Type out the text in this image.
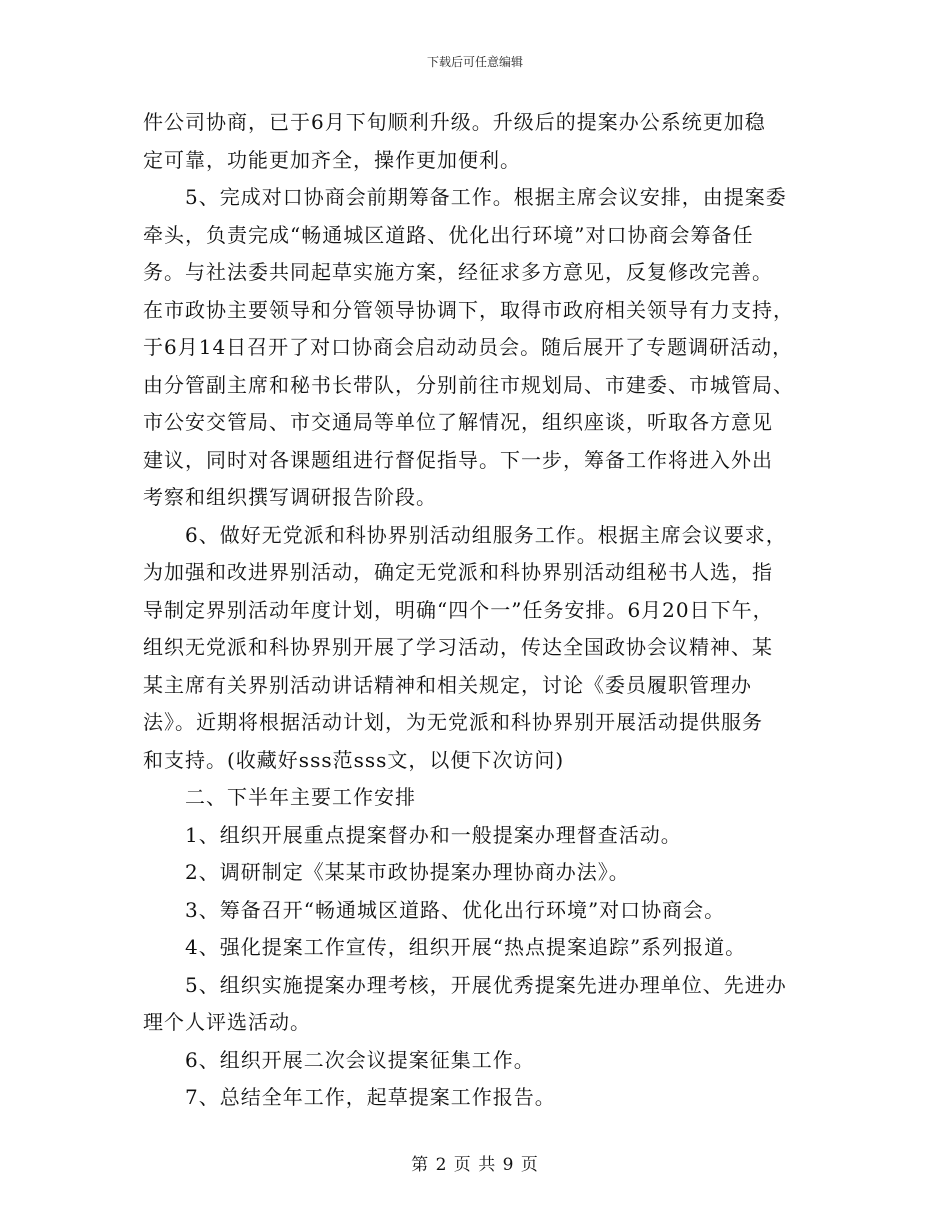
下载后可任意编辑

件公司协商，已于6月下旬顺利升级。升级后的提案办公系统更加稳

定可靠，功能更加齐全，操作更加便利。

5、完成对口协商会前期筹备工作。根据主席会议安排，由提案委

牵头，负责完成“畅通城区道路、优化出行环境”对口协商会筹备任

务。与社法委共同起草实施方案，经征求多方意见，反复修改完善。

在市政协主要领导和分管领导协调下，取得市政府相关领导有力支持，

于6月14日召开了对口协商会启动动员会。随后展开了专题调研活动，

由分管副主席和秘书长带队，分别前往市规划局、市建委、市城管局、

市公安交管局、市交通局等单位了解情况，组织座谈，听取各方意见

建议，同时对各课题组进行督促指导。下一步，筹备工作将进入外出

考察和组织撰写调研报告阶段。

6、做好无党派和科协界别活动组服务工作。根据主席会议要求，

为加强和改进界别活动，确定无党派和科协界别活动组秘书人选，指

导制定界别活动年度计划，明确“四个一”任务安排。6月20日下午，

组织无党派和科协界别开展了学习活动，传达全国政协会议精神、某

某主席有关界别活动讲话精神和相关规定，讨论《委员履职管理办

法》。近期将根据活动计划，为无党派和科协界别开展活动提供服务

和支持。(收藏好sss范sss文，以便下次访问)

二、下半年主要工作安排

1、组织开展重点提案督办和一般提案办理督查活动。

2、调研制定《某某市政协提案办理协商办法》。

3、筹备召开“畅通城区道路、优化出行环境”对口协商会。

4、强化提案工作宣传，组织开展“热点提案追踪”系列报道。

5、组织实施提案办理考核，开展优秀提案先进办理单位、先进办

理个人评选活动。

6、组织开展二次会议提案征集工作。

7、总结全年工作，起草提案工作报告。

第 2 页 共 9 页
